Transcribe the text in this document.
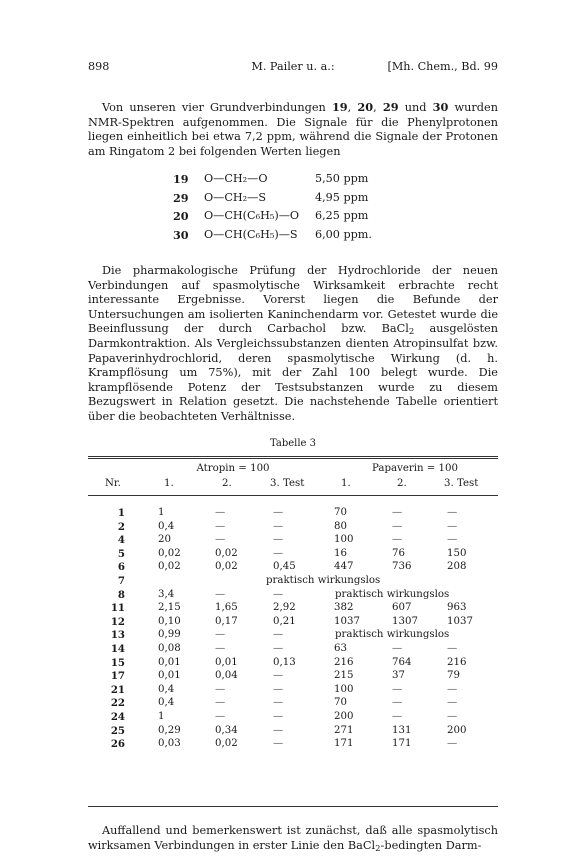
898	M. Pailer u. a.:	[Mh. Chem., Bd. 99
Von unseren vier Grundverbindungen 19, 20, 29 und 30 wurden NMR-Spektren aufgenommen. Die Signale für die Phenylprotonen liegen einheitlich bei etwa 7,2 ppm, während die Signale der Protonen am Ringatom 2 bei folgenden Werten liegen
19	O—CH₂—O	5,50 ppm
29	O—CH₂—S	4,95 ppm
20	O—CH(C₆H₅)—O 6,25 ppm
30	O—CH(C₆H₅)—S 6,00 ppm.
Die pharmakologische Prüfung der Hydrochloride der neuen Verbindungen auf spasmolytische Wirksamkeit erbrachte recht interessante Ergebnisse. Vorerst liegen die Befunde der Untersuchungen am isolierten Kaninchendarm vor. Getestet wurde die Beeinflussung der durch Carbachol bzw. BaCl$_2$ ausgelösten Darmkontraktion. Als Vergleichssubstanzen dienten Atropinsulfat bzw. Papaverinhydrochlorid, deren spasmolytische Wirkung (d. h. Krampflösung um 75%), mit der Zahl 100 belegt wurde. Die krampflösende Potenz der Testsubstanzen wurde zu diesem Bezugswert in Relation gesetzt. Die nachstehende Tabelle orientiert über die beobachteten Verhältnisse.
Tabelle 3
Atropin = 100	Papaverin = 100
Nr.	1.	2.	3. Test	1.	2.	3. Test
1	1	—	—	70	—	—
2	0,4	—	—	80	—	—
4	20	—	—	100	—	—
5	0,02	0,02	—	16	76	150
6	0,02	0,02	0,45	447	736	208
7	praktisch wirkungslos
8	3,4	—	—	praktisch wirkungslos
11	2,15	1,65	2,92	382	607	963
12	0,10	0,17	0,21	1037	1307	1037
13	0,99	—	—	praktisch wirkungslos
14	0,08	—	—	63	—	—
15	0,01	0,01	0,13	216	764	216
17	0,01	0,04	—	215	37	79
21	0,4	—	—	100	—	—
22	0,4	—	—	70	—	—
24	1	—	—	200	—	—
25	0,29	0,34	—	271	131	200
26	0,03	0,02	—	171	171	—
Auffallend und bemerkenswert ist zunächst, daß alle spasmolytisch wirksamen Verbindungen in erster Linie den BaCl$_2$-bedingten Darm-
